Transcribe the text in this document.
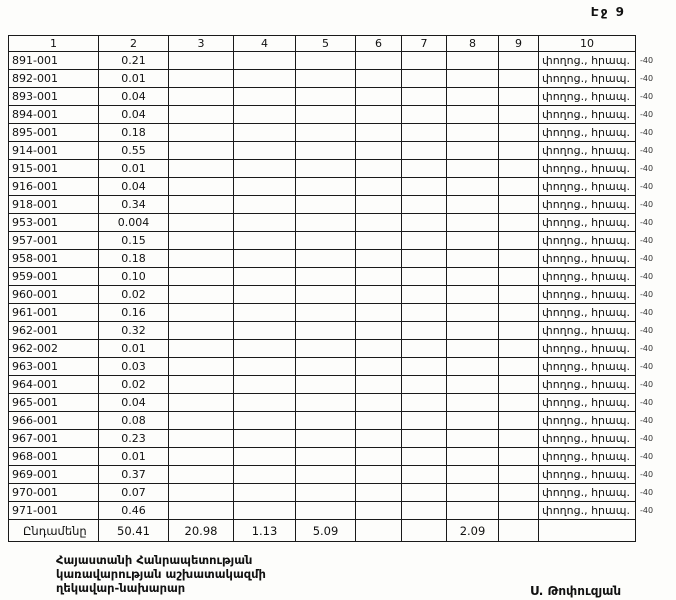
Էջ 9
1	2	3	4	5	6	7	8	9	10
891-001	0.21								փողոց., հրապ.
892-001	0.01								փողոց., հրապ.
893-001	0.04								փողոց., հրապ.
894-001	0.04								փողոց., հրապ.
895-001	0.18								փողոց., հրապ.
914-001	0.55								փողոց., հրապ.
915-001	0.01								փողոց., հրապ.
916-001	0.04								փողոց., հրապ.
918-001	0.34								փողոց., հրապ.
953-001	0.004								փողոց., հրապ.
957-001	0.15								փողոց., հրապ.
958-001	0.18								փողոց., հրապ.
959-001	0.10								փողոց., հրապ.
960-001	0.02								փողոց., հրապ.
961-001	0.16								փողոց., հրապ.
962-001	0.32								փողոց., հրապ.
962-002	0.01								փողոց., հրապ.
963-001	0.03								փողոց., հրապ.
964-001	0.02								փողոց., հրապ.
965-001	0.04								փողոց., հրապ.
966-001	0.08								փողոց., հրապ.
967-001	0.23								փողոց., հրապ.
968-001	0.01								փողոց., հրապ.
969-001	0.37								փողոց., հրապ.
970-001	0.07								փողոց., հրապ.
971-001	0.46								փողոց., հրապ.
Ընդամենը	50.41	20.98	1.13	5.09			2.09		
-40
-40
-40
-40
-40
-40
-40
-40
-40
-40
-40
-40
-40
-40
-40
-40
-40
-40
-40
-40
-40
-40
-40
-40
-40
-40
Հայաստանի Հանրապետության
կառավարության աշխատակազմի
ղեկավար-նախարար	Ս. Թոփուզյան
